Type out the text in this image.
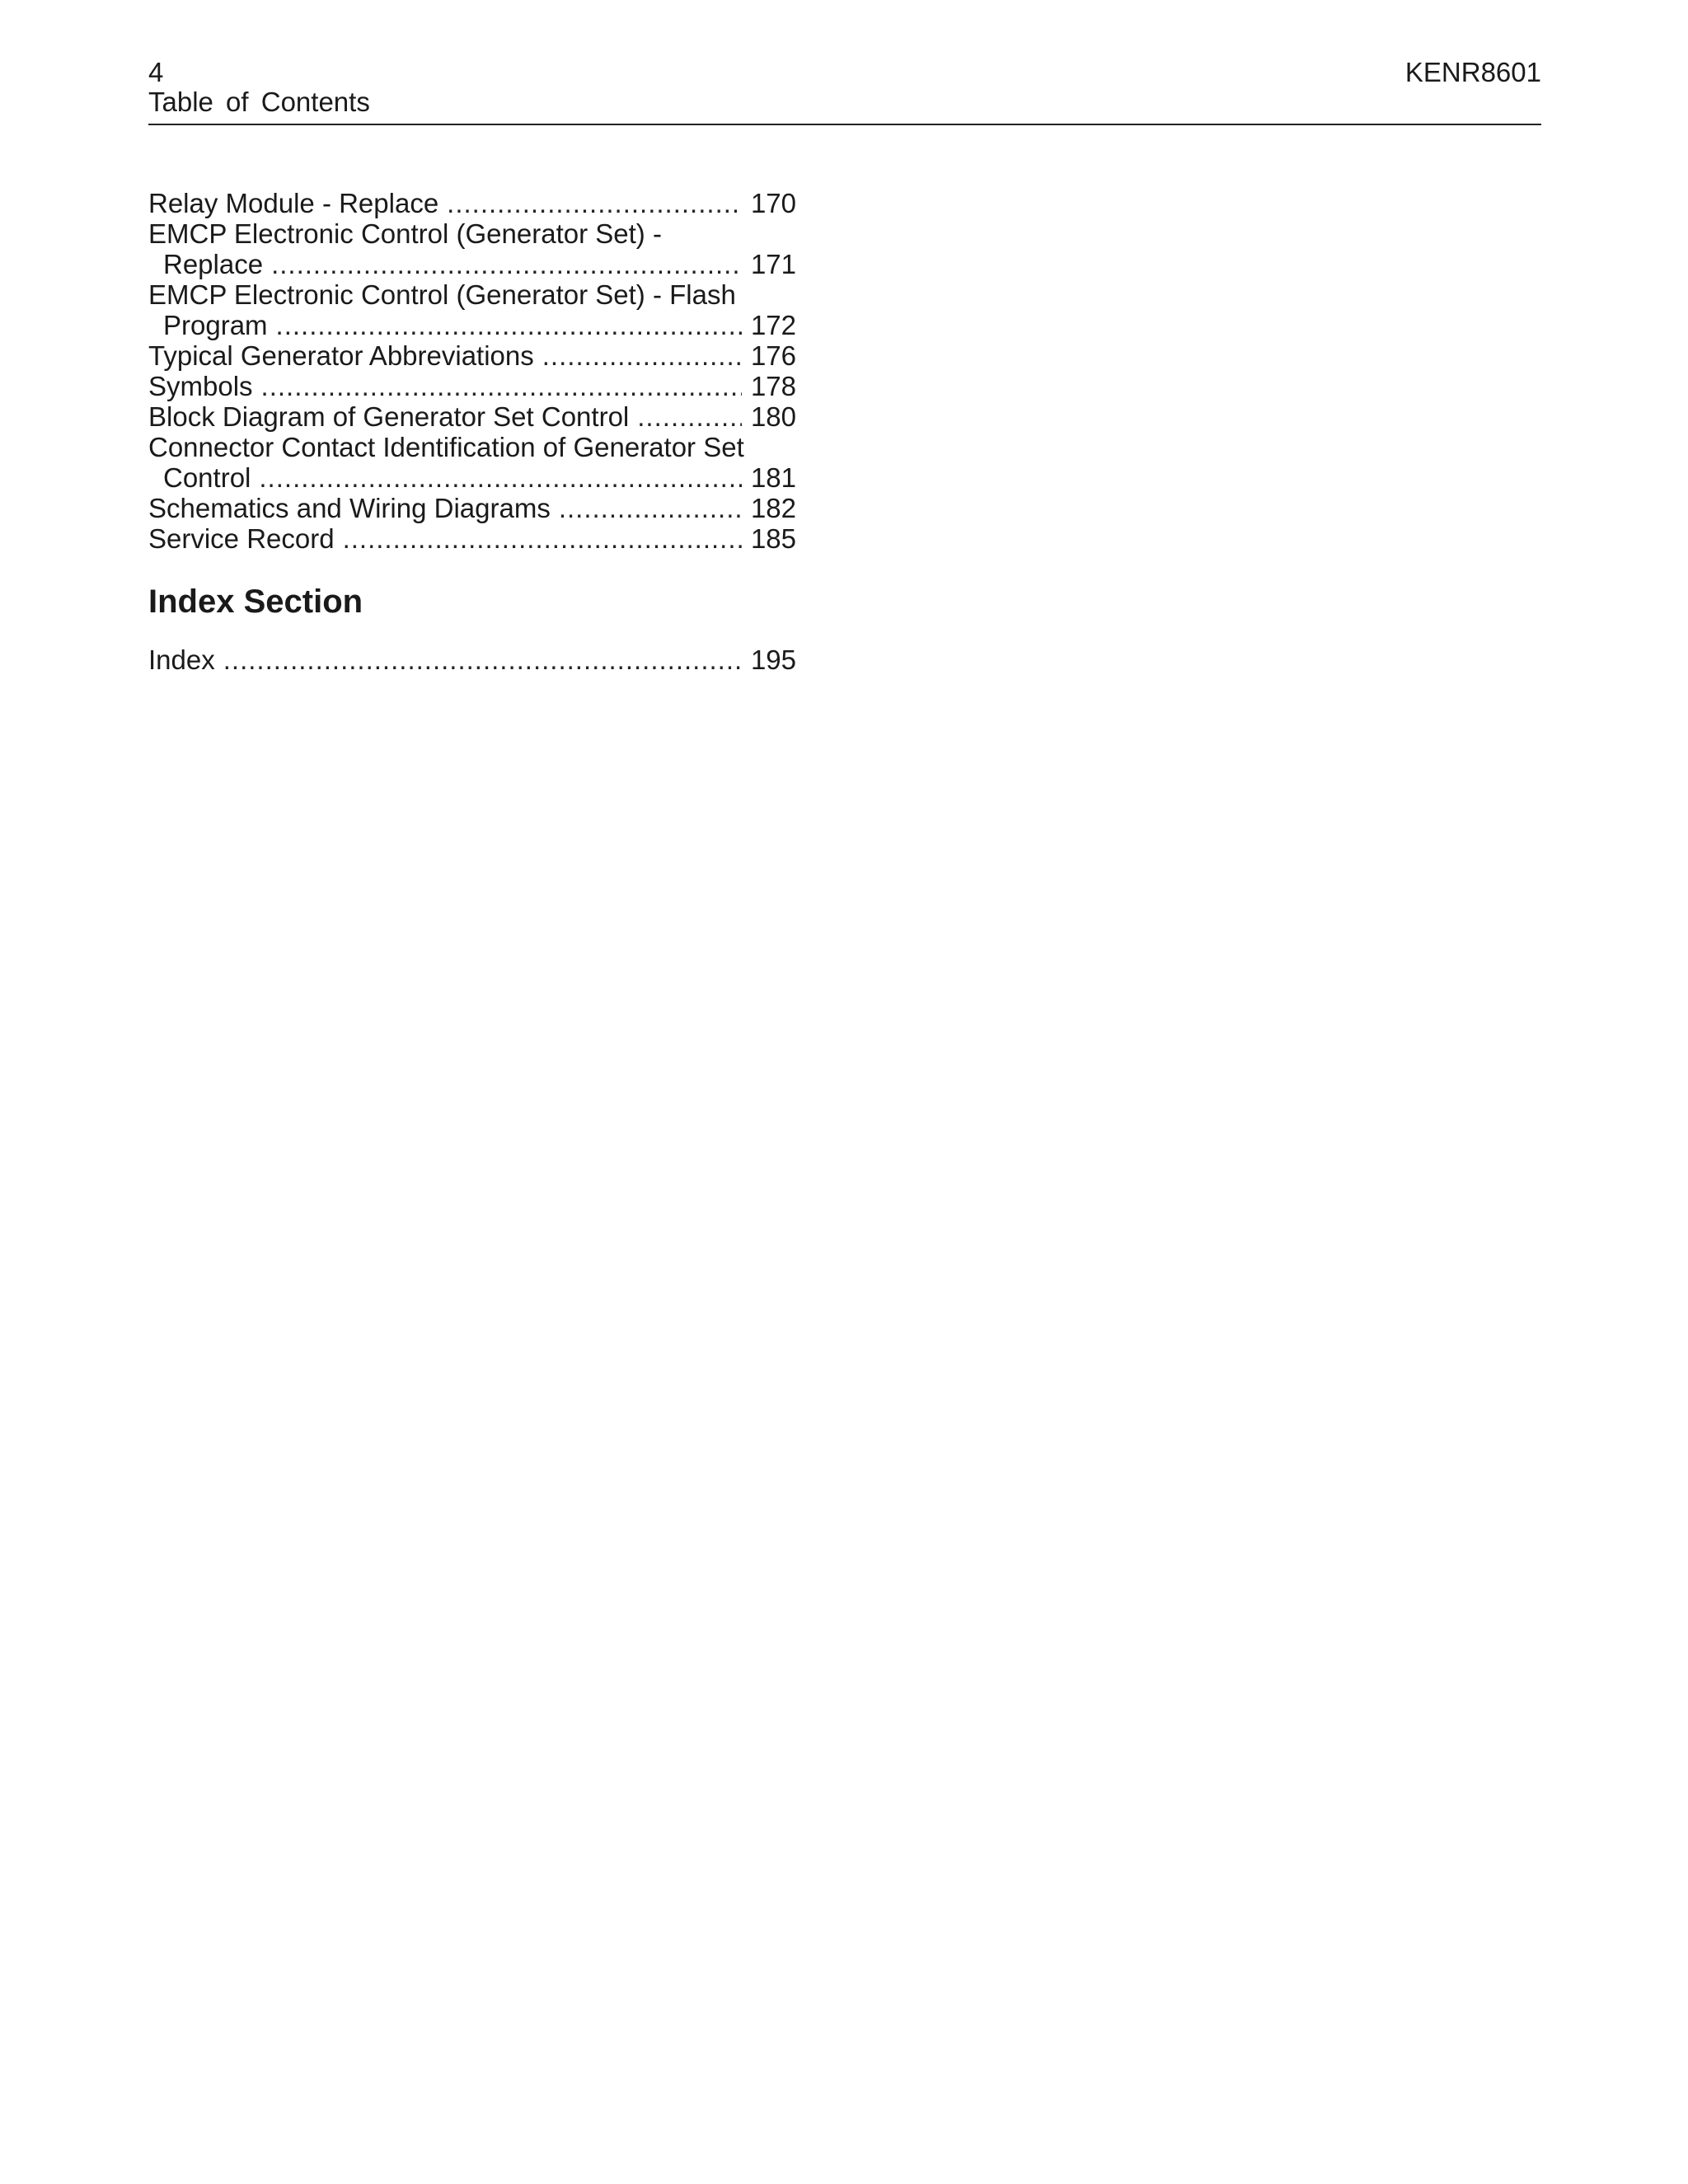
4	KENR8601
Table of Contents
Relay Module - Replace .....	170
EMCP Electronic Control (Generator Set) -
Replace .....	171
EMCP Electronic Control (Generator Set) - Flash
Program .....	172
Typical Generator Abbreviations .....	176
Symbols .....	178
Block Diagram of Generator Set Control .....	180
Connector Contact Identification of Generator Set
Control .....	181
Schematics and Wiring Diagrams .....	182
Service Record .....	185
Index Section
Index .....	195
